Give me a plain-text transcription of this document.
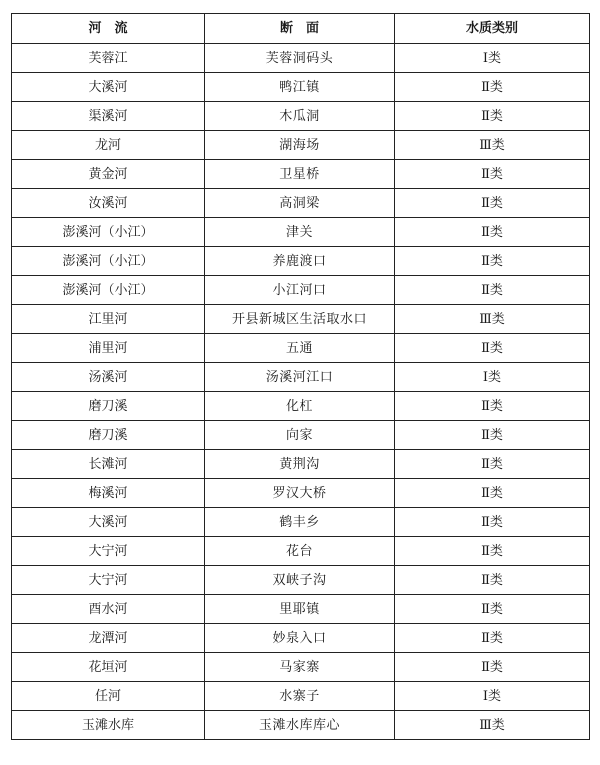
河　流	断　面	水质类别
芙蓉江	芙蓉洞码头	Ⅰ类
大溪河	鸭江镇	Ⅱ类
渠溪河	木瓜洞	Ⅱ类
龙河	湖海场	Ⅲ类
黄金河	卫星桥	Ⅱ类
汝溪河	高洞梁	Ⅱ类
澎溪河（小江）	津关	Ⅱ类
澎溪河（小江）	养鹿渡口	Ⅱ类
澎溪河（小江）	小江河口	Ⅱ类
江里河	开县新城区生活取水口	Ⅲ类
浦里河	五通	Ⅱ类
汤溪河	汤溪河江口	Ⅰ类
磨刀溪	化杠	Ⅱ类
磨刀溪	向家	Ⅱ类
长滩河	黄荆沟	Ⅱ类
梅溪河	罗汉大桥	Ⅱ类
大溪河	鹤丰乡	Ⅱ类
大宁河	花台	Ⅱ类
大宁河	双峡子沟	Ⅱ类
酉水河	里耶镇	Ⅱ类
龙潭河	妙泉入口	Ⅱ类
花垣河	马家寨	Ⅱ类
任河	水寨子	Ⅰ类
玉滩水库	玉滩水库库心	Ⅲ类
